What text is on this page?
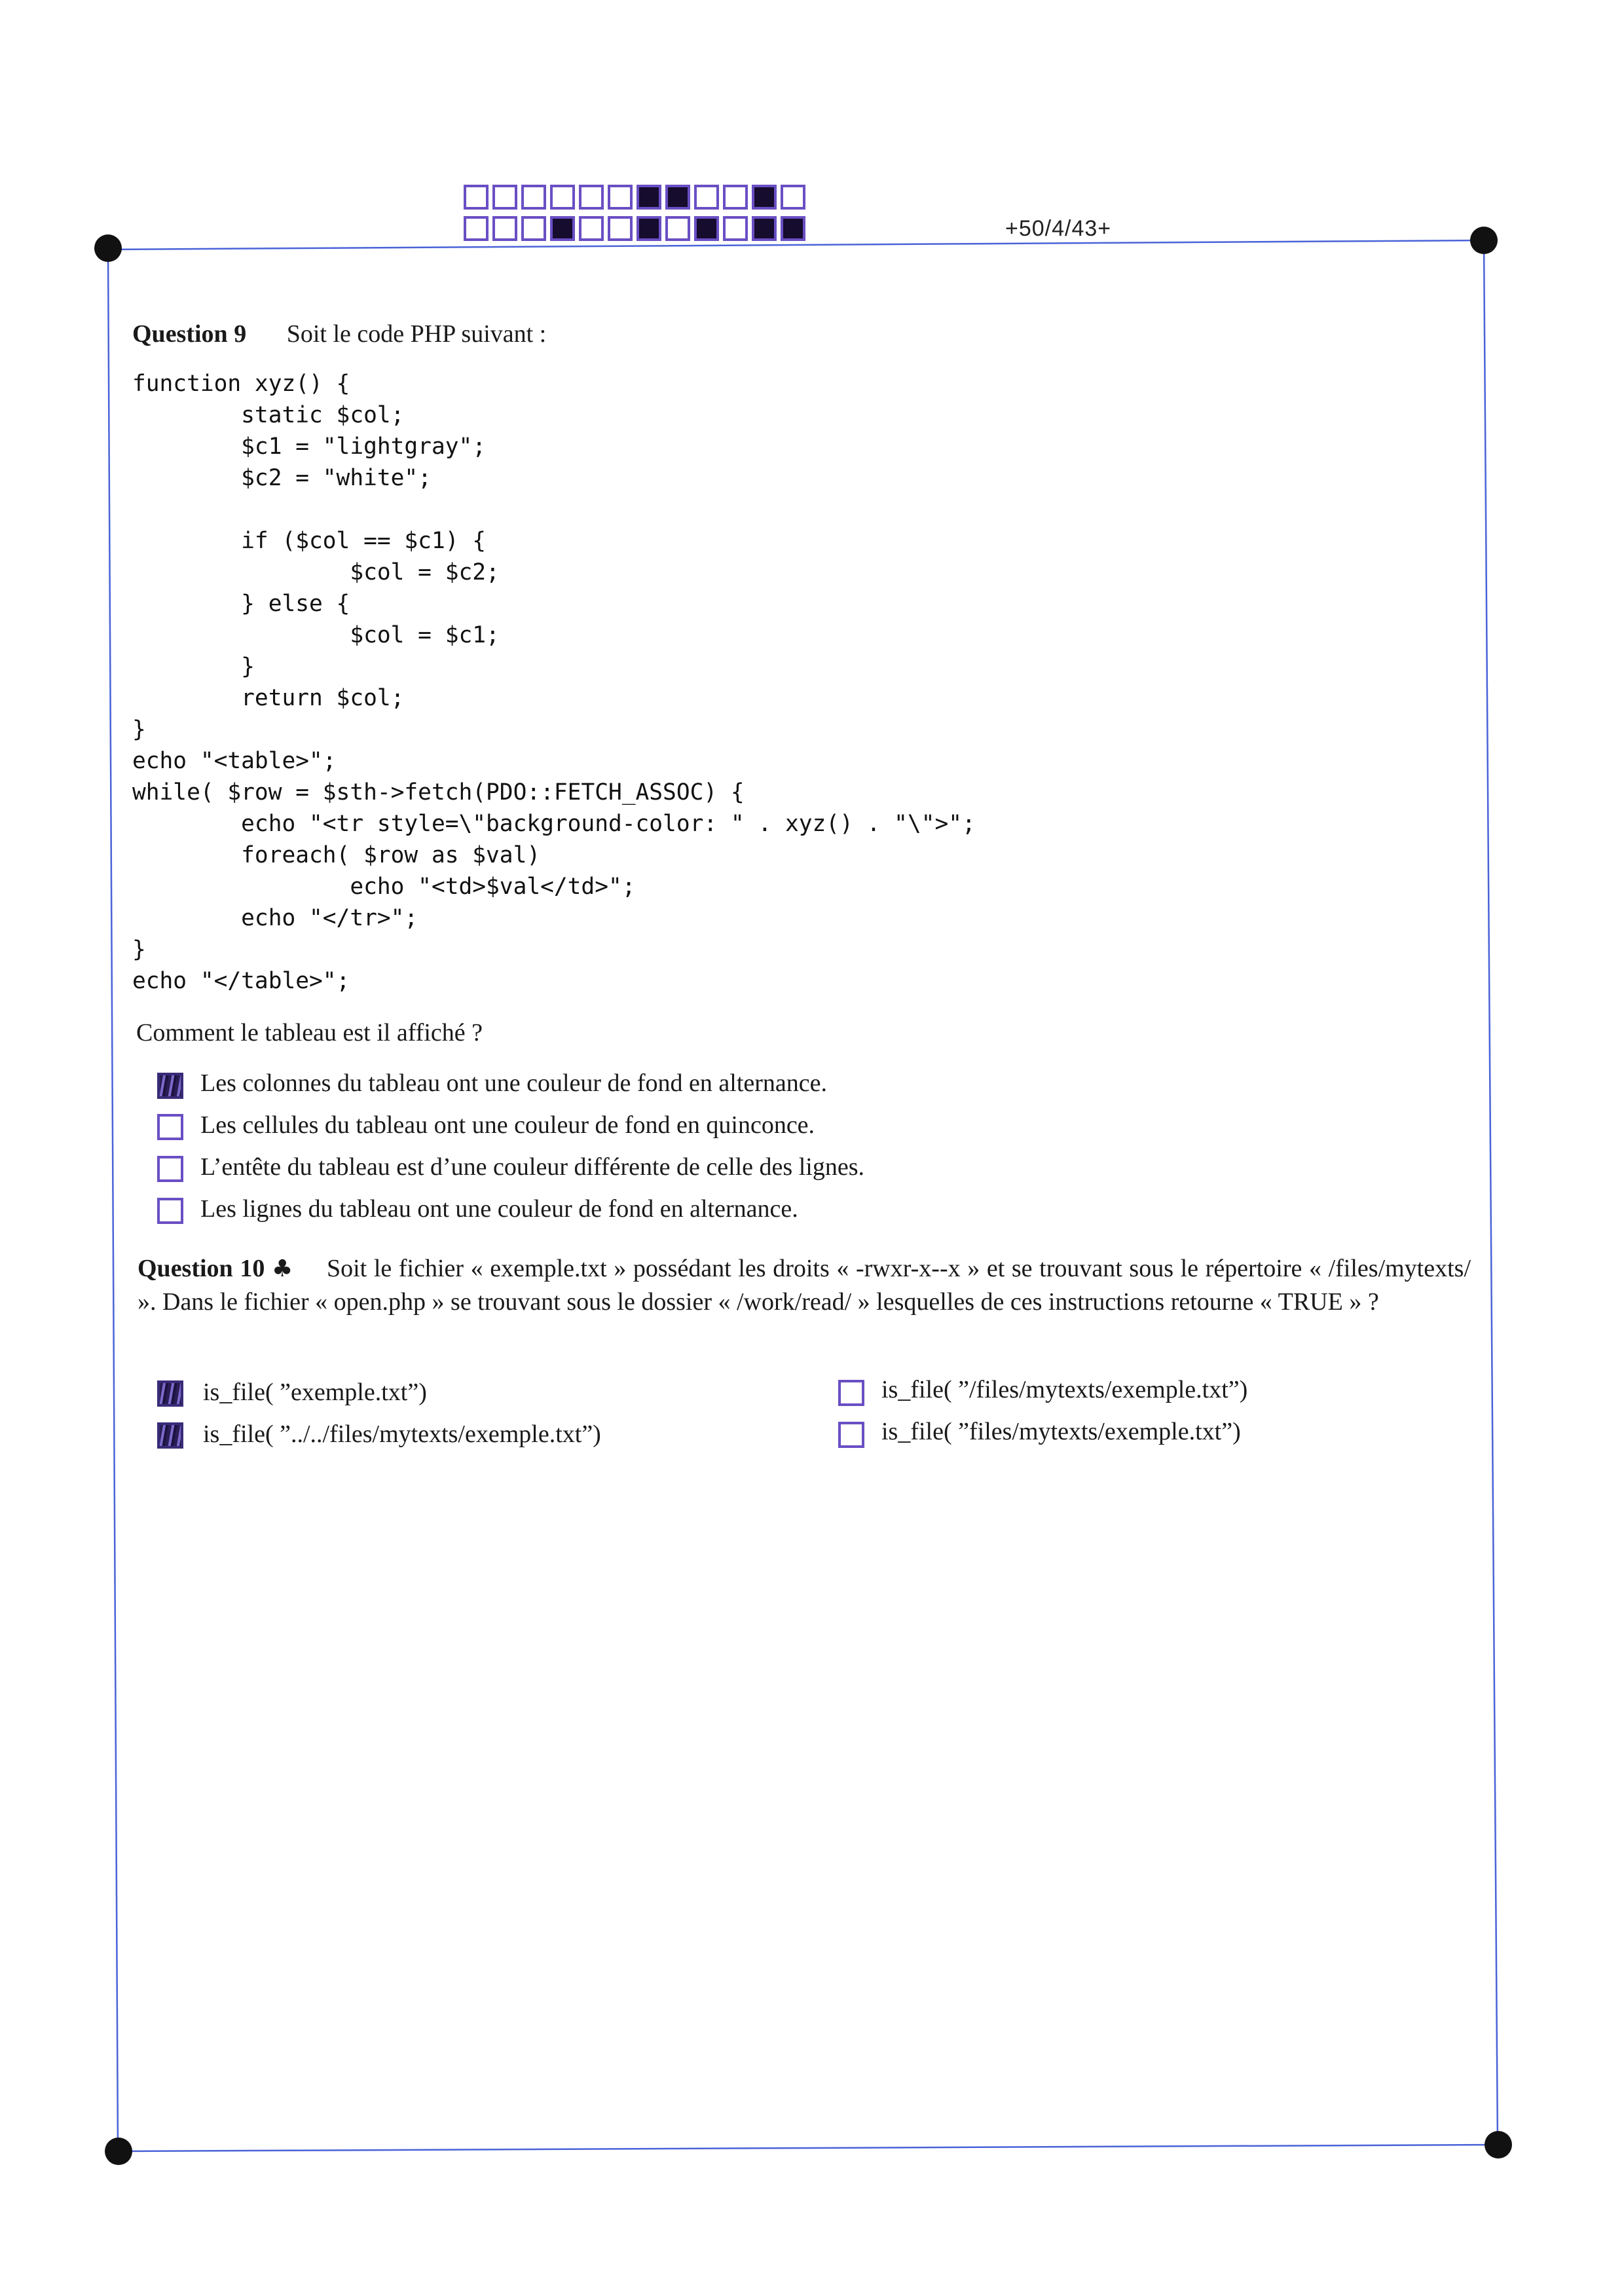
+50/4/43+
Question 9 Soit le code PHP suivant :
function xyz() {
static $col;
$c1 = "lightgray";
$c2 = "white";

if ($col == $c1) {
$col = $c2;
} else {
$col = $c1;
}
return $col;
}
echo "<table>";
while( $row = $sth->fetch(PDO::FETCH_ASSOC) {
echo "<tr style=\"background-color: " . xyz() . "\">";
foreach( $row as $val)
echo "<td>$val</td>";
echo "</tr>";
}
echo "</table>";
Comment le tableau est il affiché ?
Les colonnes du tableau ont une couleur de fond en alternance.
Les cellules du tableau ont une couleur de fond en quinconce.
L’entête du tableau est d’une couleur différente de celle des lignes.
Les lignes du tableau ont une couleur de fond en alternance.
Question 10 ♣ Soit le fichier « exemple.txt » possédant les droits « -rwxr-x--x » et se trouvant sous le répertoire « /files/mytexts/ ». Dans le fichier « open.php » se trouvant sous le dossier « /work/read/ » lesquelles de ces instructions retourne « TRUE » ?
is_file( ”exemple.txt”)
is_file( ”../../files/mytexts/exemple.txt”)
is_file( ”/files/mytexts/exemple.txt”)
is_file( ”files/mytexts/exemple.txt”)
